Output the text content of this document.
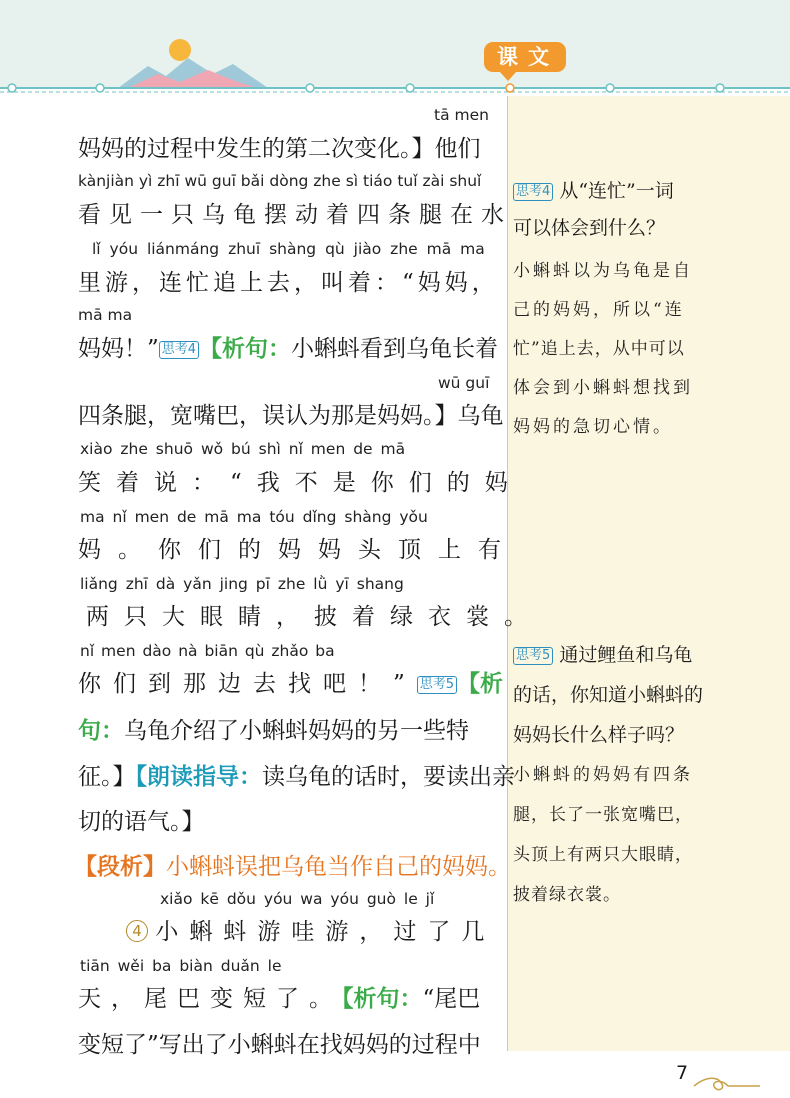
课文
tā men
妈妈的过程中发生的第二次变化。】他们
kànjiàn yì zhī wū guī bǎi dòng zhe sì tiáo tuǐ zài shuǐ
看见一只乌龟摆动着四条腿在水
lǐ yóu liánmáng zhuī shàng qù jiào zhe mā ma
里游，连忙追上去，叫着：“妈妈，
mā ma
妈妈！” 思考4 【析句：小蝌蚪看到乌龟长着
wū guī
四条腿，宽嘴巴，误认为那是妈妈。】乌龟
xiào zhe shuō wǒ bú shì nǐ men de mā
笑着说：“我不是你们的妈
ma nǐ men de mā ma tóu dǐng shàng yǒu
妈。你们的妈妈头顶上有
liǎng zhī dà yǎn jing pī zhe lǜ yī shang
两只大眼睛，披着绿衣裳。
nǐ men dào nà biān qù zhǎo ba
你们到那边去找吧！” 思考5 【析
句：乌龟介绍了小蝌蚪妈妈的另一些特
征。】【朗读指导：读乌龟的话时，要读出亲
切的语气。】
【段析】小蝌蚪误把乌龟当作自己的妈妈。
xiǎo kē dǒu yóu wa yóu guò le jǐ
4 小蝌蚪游哇游，过了几
tiān wěi ba biàn duǎn le
天，尾巴变短了。【析句：“尾巴
变短了”写出了小蝌蚪在找妈妈的过程中
思考4 从“连忙”一词
可以体会到什么？
小蝌蚪以为乌龟是自
己的妈妈，所以“连
忙”追上去，从中可以
体会到小蝌蚪想找到
妈妈的急切心情。
思考5 通过鲤鱼和乌龟
的话，你知道小蝌蚪的
妈妈长什么样子吗？
小蝌蚪的妈妈有四条
腿，长了一张宽嘴巴，
头顶上有两只大眼睛，
披着绿衣裳。
7
